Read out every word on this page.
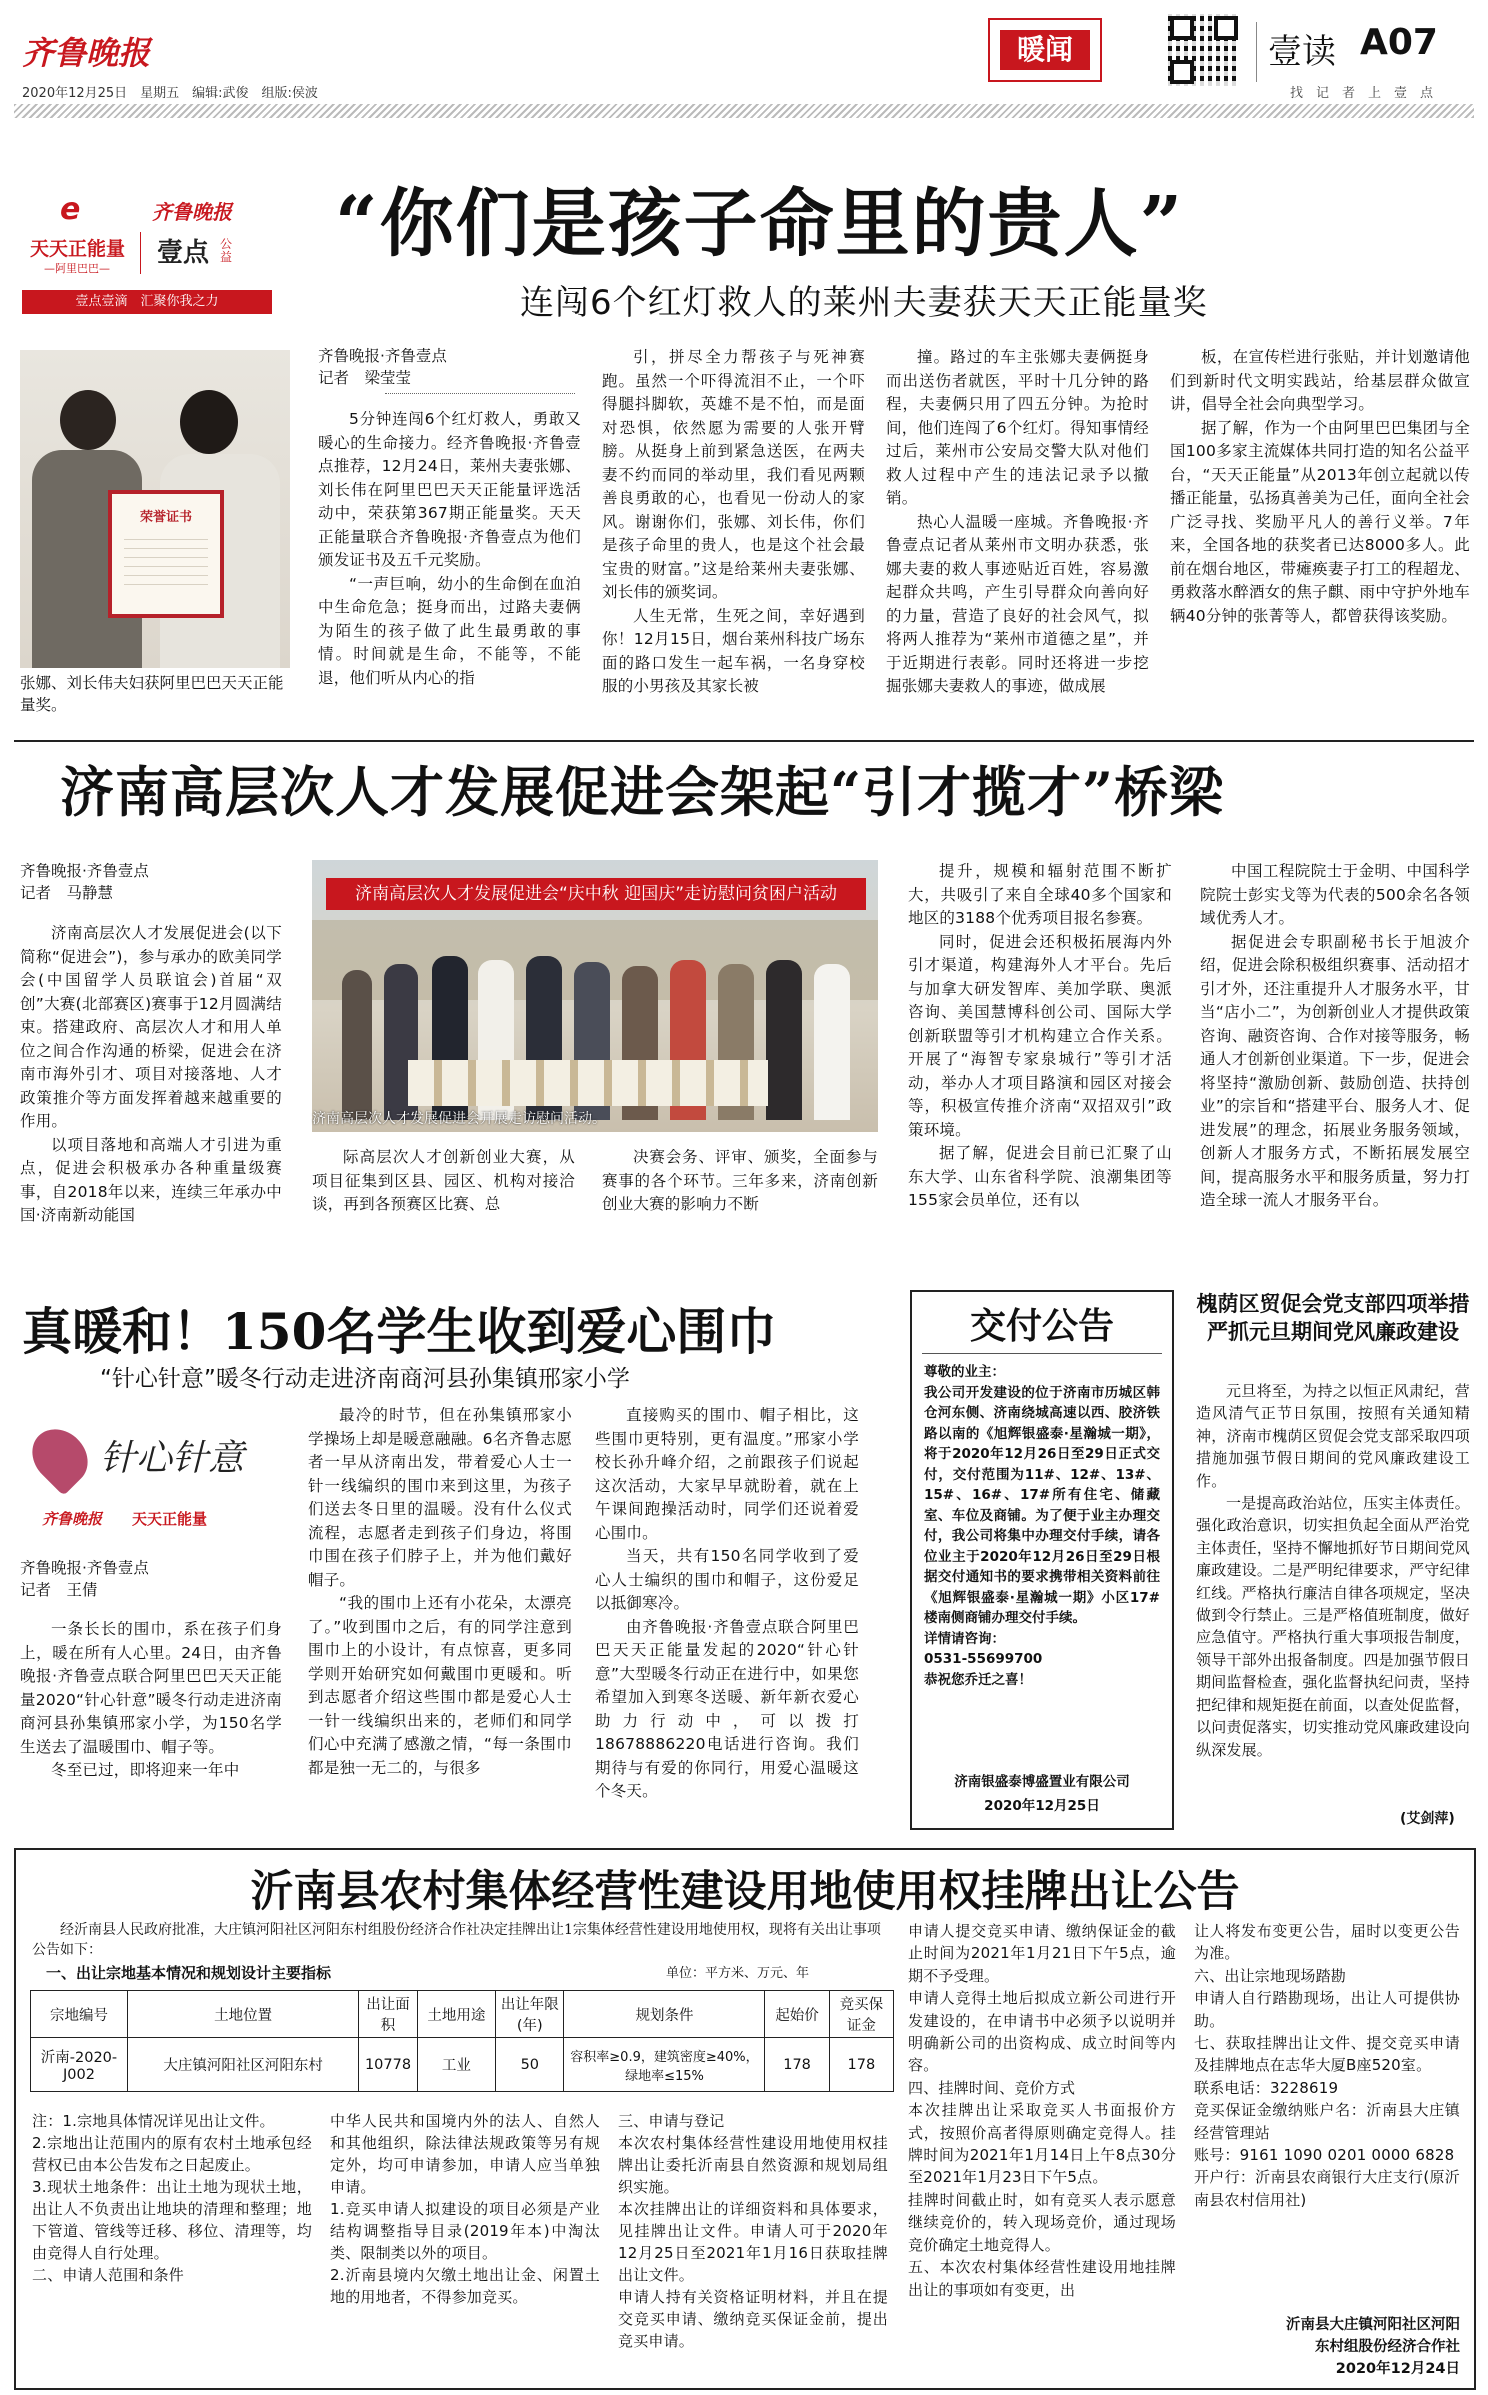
齐鲁晚报
2020年12月25日　星期五　编辑:武俊　组版:侯波
暖闻	壹读 A07
找　记　者　上　壹　点
e	齐鲁晚报
天天正能量
—阿里巴巴—
壹点 公益
壹点壹滴　汇聚你我之力
“你们是孩子命里的贵人”
连闯6个红灯救人的莱州夫妻获天天正能量奖
荣誉证书
张娜、刘长伟夫妇获阿里巴巴天天正能量奖。
齐鲁晚报·齐鲁壹点
记者　梁莹莹

5分钟连闯6个红灯救人，勇敢又暖心的生命接力。经齐鲁晚报·齐鲁壹点推荐，12月24日，莱州夫妻张娜、刘长伟在阿里巴巴天天正能量评选活动中，荣获第367期正能量奖。天天正能量联合齐鲁晚报·齐鲁壹点为他们颁发证书及五千元奖励。

“一声巨响，幼小的生命倒在血泊中生命危急；挺身而出，过路夫妻俩为陌生的孩子做了此生最勇敢的事情。时间就是生命，不能等，不能退，他们听从内心的指

引，拼尽全力帮孩子与死神赛跑。虽然一个吓得流泪不止，一个吓得腿抖脚软，英雄不是不怕，而是面对恐惧，依然愿为需要的人张开臂膀。从挺身上前到紧急送医，在两夫妻不约而同的举动里，我们看见两颗善良勇敢的心，也看见一份动人的家风。谢谢你们，张娜、刘长伟，你们是孩子命里的贵人，也是这个社会最宝贵的财富。”这是给莱州夫妻张娜、刘长伟的颁奖词。

人生无常，生死之间，幸好遇到你！12月15日，烟台莱州科技广场东面的路口发生一起车祸，一名身穿校服的小男孩及其家长被

撞。路过的车主张娜夫妻俩挺身而出送伤者就医，平时十几分钟的路程，夫妻俩只用了四五分钟。为抢时间，他们连闯了6个红灯。得知事情经过后，莱州市公安局交警大队对他们救人过程中产生的违法记录予以撤销。

热心人温暖一座城。齐鲁晚报·齐鲁壹点记者从莱州市文明办获悉，张娜夫妻的救人事迹贴近百姓，容易激起群众共鸣，产生引导群众向善向好的力量，营造了良好的社会风气，拟将两人推荐为“莱州市道德之星”，并于近期进行表彰。同时还将进一步挖掘张娜夫妻救人的事迹，做成展

板，在宣传栏进行张贴，并计划邀请他们到新时代文明实践站，给基层群众做宣讲，倡导全社会向典型学习。

据了解，作为一个由阿里巴巴集团与全国100多家主流媒体共同打造的知名公益平台，“天天正能量”从2013年创立起就以传播正能量，弘扬真善美为己任，面向全社会广泛寻找、奖励平凡人的善行义举。7年来，全国各地的获奖者已达8000多人。此前在烟台地区，带瘫痪妻子打工的程超龙、勇救落水醉酒女的焦子麒、雨中守护外地车辆40分钟的张菁等人，都曾获得该奖励。

济南高层次人才发展促进会架起“引才揽才”桥梁
齐鲁晚报·齐鲁壹点
记者　马静慧

济南高层次人才发展促进会(以下简称“促进会”)，参与承办的欧美同学会(中国留学人员联谊会)首届“双创”大赛(北部赛区)赛事于12月圆满结束。搭建政府、高层次人才和用人单位之间合作沟通的桥梁，促进会在济南市海外引才、项目对接落地、人才政策推介等方面发挥着越来越重要的作用。

以项目落地和高端人才引进为重点，促进会积极承办各种重量级赛事，自2018年以来，连续三年承办中国·济南新动能国

济南高层次人才发展促进会“庆中秋 迎国庆”走访慰问贫困户活动
济南高层次人才发展促进会开展走访慰问活动。

际高层次人才创新创业大赛，从项目征集到区县、园区、机构对接洽谈，再到各预赛区比赛、总

决赛会务、评审、颁奖，全面参与赛事的各个环节。三年多来，济南创新创业大赛的影响力不断

提升，规模和辐射范围不断扩大，共吸引了来自全球40多个国家和地区的3188个优秀项目报名参赛。

同时，促进会还积极拓展海内外引才渠道，构建海外人才平台。先后与加拿大研发智库、美加学联、奥派咨询、美国慧博科创公司、国际大学创新联盟等引才机构建立合作关系。开展了“海智专家泉城行”等引才活动，举办人才项目路演和园区对接会等，积极宣传推介济南“双招双引”政策环境。

据了解，促进会目前已汇聚了山东大学、山东省科学院、浪潮集团等155家会员单位，还有以

中国工程院院士于金明、中国科学院院士彭实戈等为代表的500余名各领域优秀人才。

据促进会专职副秘书长于旭波介绍，促进会除积极组织赛事、活动招才引才外，还注重提升人才服务水平，甘当“店小二”，为创新创业人才提供政策咨询、融资咨询、合作对接等服务，畅通人才创新创业渠道。下一步，促进会将坚持“激励创新、鼓励创造、扶持创业”的宗旨和“搭建平台、服务人才、促进发展”的理念，拓展业务服务领域，创新人才服务方式，不断拓展发展空间，提高服务水平和服务质量，努力打造全球一流人才服务平台。

真暖和！150名学生收到爱心围巾
“针心针意”暖冬行动走进济南商河县孙集镇邢家小学
针心针意
齐鲁晚报 天天正能量
齐鲁晚报·齐鲁壹点
记者　王倩

一条长长的围巾，系在孩子们身上，暖在所有人心里。24日，由齐鲁晚报·齐鲁壹点联合阿里巴巴天天正能量2020“针心针意”暖冬行动走进济南商河县孙集镇邢家小学，为150名学生送去了温暖围巾、帽子等。

冬至已过，即将迎来一年中

最冷的时节，但在孙集镇邢家小学操场上却是暖意融融。6名齐鲁志愿者一早从济南出发，带着爱心人士一针一线编织的围巾来到这里，为孩子们送去冬日里的温暖。没有什么仪式流程，志愿者走到孩子们身边，将围巾围在孩子们脖子上，并为他们戴好帽子。

“我的围巾上还有小花朵，太漂亮了。”收到围巾之后，有的同学注意到围巾上的小设计，有点惊喜，更多同学则开始研究如何戴围巾更暖和。听到志愿者介绍这些围巾都是爱心人士一针一线编织出来的，老师们和同学们心中充满了感激之情，“每一条围巾都是独一无二的，与很多

直接购买的围巾、帽子相比，这些围巾更特别，更有温度。”邢家小学校长孙升峰介绍，之前跟孩子们说起这次活动，大家早早就盼着，就在上午课间跑操活动时，同学们还说着爱心围巾。

当天，共有150名同学收到了爱心人士编织的围巾和帽子，这份爱足以抵御寒冷。

由齐鲁晚报·齐鲁壹点联合阿里巴巴天天正能量发起的2020“针心针意”大型暖冬行动正在进行中，如果您希望加入到寒冬送暖、新年新衣爱心助力行动中，可以拨打18678886220电话进行咨询。我们期待与有爱的你同行，用爱心温暖这个冬天。

交付公告
尊敬的业主：
我公司开发建设的位于济南市历城区韩仓河东侧、济南绕城高速以西、胶济铁路以南的《旭辉银盛泰·星瀚城一期》，将于2020年12月26日至29日正式交付，交付范围为11#、12#、13#、15#、16#、17#所有住宅、储藏室、车位及商铺。为了便于业主办理交付，我公司将集中办理交付手续，请各位业主于2020年12月26日至29日根据交付通知书的要求携带相关资料前往《旭辉银盛泰·星瀚城一期》小区17#楼南侧商铺办理交付手续。
详情请咨询：
0531-55699700
恭祝您乔迁之喜！
济南银盛泰博盛置业有限公司
2020年12月25日
槐荫区贸促会党支部四项举措严抓元旦期间党风廉政建设

元旦将至，为持之以恒正风肃纪，营造风清气正节日氛围，按照有关通知精神，济南市槐荫区贸促会党支部采取四项措施加强节假日期间的党风廉政建设工作。

一是提高政治站位，压实主体责任。强化政治意识，切实担负起全面从严治党主体责任，坚持不懈地抓好节日期间党风廉政建设。二是严明纪律要求，严守纪律红线。严格执行廉洁自律各项规定，坚决做到令行禁止。三是严格值班制度，做好应急值守。严格执行重大事项报告制度，领导干部外出报备制度。四是加强节假日期间监督检查，强化监督执纪问责，坚持把纪律和规矩挺在前面，以查处促监督，以问责促落实，切实推动党风廉政建设向纵深发展。

(艾剑萍)
沂南县农村集体经营性建设用地使用权挂牌出让公告
经沂南县人民政府批准，大庄镇河阳社区河阳东村组股份经济合作社决定挂牌出让1宗集体经营性建设用地使用权，现将有关出让事项公告如下：
一、出让宗地基本情况和规划设计主要指标	单位：平方米、万元、年
宗地编号	土地位置	出让面积	土地用途	出让年限(年)	规划条件	起始价	竞买保证金
沂南-2020-J002	大庄镇河阳社区河阳东村	10778	工业	50	容积率≥0.9，建筑密度≥40%，绿地率≤15%	178	178
注：1.宗地具体情况详见出让文件。
2.宗地出让范围内的原有农村土地承包经营权已由本公告发布之日起废止。
3.现状土地条件：出让土地为现状土地，出让人不负责出让地块的清理和整理；地下管道、管线等迁移、移位、清理等，均由竞得人自行处理。
二、申请人范围和条件
中华人民共和国境内外的法人、自然人和其他组织，除法律法规政策等另有规定外，均可申请参加，申请人应当单独申请。
1.竞买申请人拟建设的项目必须是产业结构调整指导目录(2019年本)中淘汰类、限制类以外的项目。
2.沂南县境内欠缴土地出让金、闲置土地的用地者，不得参加竞买。
三、申请与登记
本次农村集体经营性建设用地使用权挂牌出让委托沂南县自然资源和规划局组织实施。
本次挂牌出让的详细资料和具体要求，见挂牌出让文件。申请人可于2020年12月25日至2021年1月16日获取挂牌出让文件。
申请人持有关资格证明材料，并且在提交竞买申请、缴纳竞买保证金前，提出竞买申请。
申请人提交竞买申请、缴纳保证金的截止时间为2021年1月21日下午5点，逾期不予受理。
申请人竞得土地后拟成立新公司进行开发建设的，在申请书中必须予以说明并明确新公司的出资构成、成立时间等内容。
四、挂牌时间、竞价方式
本次挂牌出让采取竞买人书面报价方式，按照价高者得原则确定竞得人。挂牌时间为2021年1月14日上午8点30分至2021年1月23日下午5点。
挂牌时间截止时，如有竞买人表示愿意继续竞价的，转入现场竞价，通过现场竞价确定土地竞得人。
五、本次农村集体经营性建设用地挂牌出让的事项如有变更，出
让人将发布变更公告，届时以变更公告为准。
六、出让宗地现场踏勘
申请人自行踏勘现场，出让人可提供协助。
七、获取挂牌出让文件、提交竞买申请及挂牌地点在志华大厦B座520室。
联系电话：3228619
竞买保证金缴纳账户名：沂南县大庄镇经营管理站
账号：9161 1090 0201 0000 6828
开户行：沂南县农商银行大庄支行(原沂南县农村信用社)
沂南县大庄镇河阳社区河阳
东村组股份经济合作社
2020年12月24日
